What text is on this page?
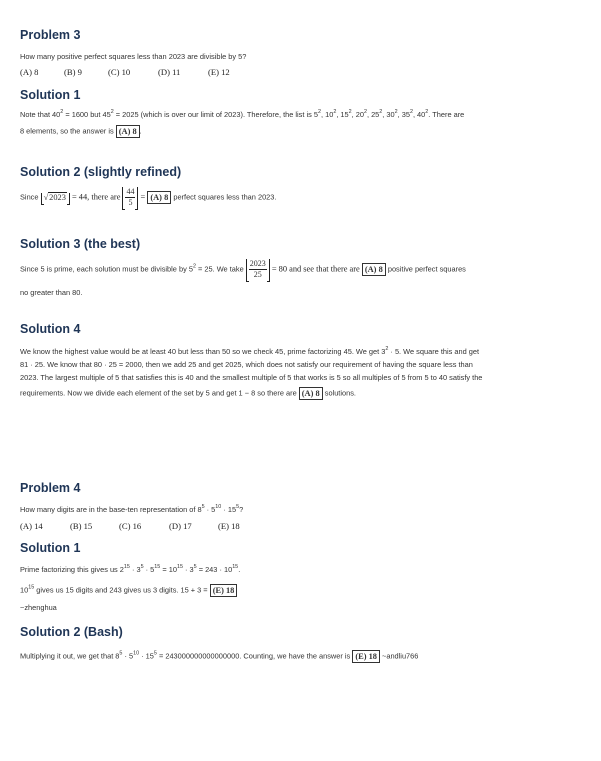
Problem 3
How many positive perfect squares less than 2023 are divisible by 5?
(A) 8	(B) 9	(C) 10	(D) 11	(E) 12
Solution 1
Note that $40^2 = 1600$ but $45^2 = 2025$ (which is over our limit of 2023). Therefore, the list is $5^2$, $10^2$, $15^2$, $20^2$, $25^2$, $30^2$, $35^2$, $40^2$. There are
8 elements, so the answer is (A) 8 .
Solution 2 (slightly refined)
Since √2023 = 44, there are $\frac{44}{5} = (A)$ 8 perfect squares less than 2023.
Solution 3 (the best)
Since 5 is prime, each solution must be divisible by $5^2 = 25$. We take $\frac{2023}{25} = 80$ and see that there are (A) 8 positive perfect squares
no greater than 80.
Solution 4
We know the highest value would be at least 40 but less than 50 so we check 45, prime factorizing 45. We get $3^2 \cdot 5$. We square this and get
81 · 25. We know that 80 · 25 = 2000, then we add 25 and get 2025, which does not satisfy our requirement of having the square less than
2023. The largest multiple of 5 that satisfies this is 40 and the smallest multiple of 5 that works is 5 so all multiples of 5 from 5 to 40 satisfy the
requirements. Now we divide each element of the set by 5 and get 1 − 8 so there are (A) 8 solutions.
Problem 4
How many digits are in the base-ten representation of $8^5 \cdot 5^{10} \cdot 15^5$?
(A) 14	(B) 15	(C) 16	(D) 17	(E) 18
Solution 1
Prime factorizing this gives us $2^{15} \cdot 3^5 \cdot 5^{15} = 10^{15} \cdot 3^5 = 243 \cdot 10^{15}$.
$10^{15}$ gives us 15 digits and 243 gives us 3 digits. 15 + 3 = (E) 18
~zhenghua
Solution 2 (Bash)
Multiplying it out, we get that $8^5 \cdot 5^{10} \cdot 15^5 = 243000000000000000$. Counting, we have the answer is (E) 18 ~andliu766
